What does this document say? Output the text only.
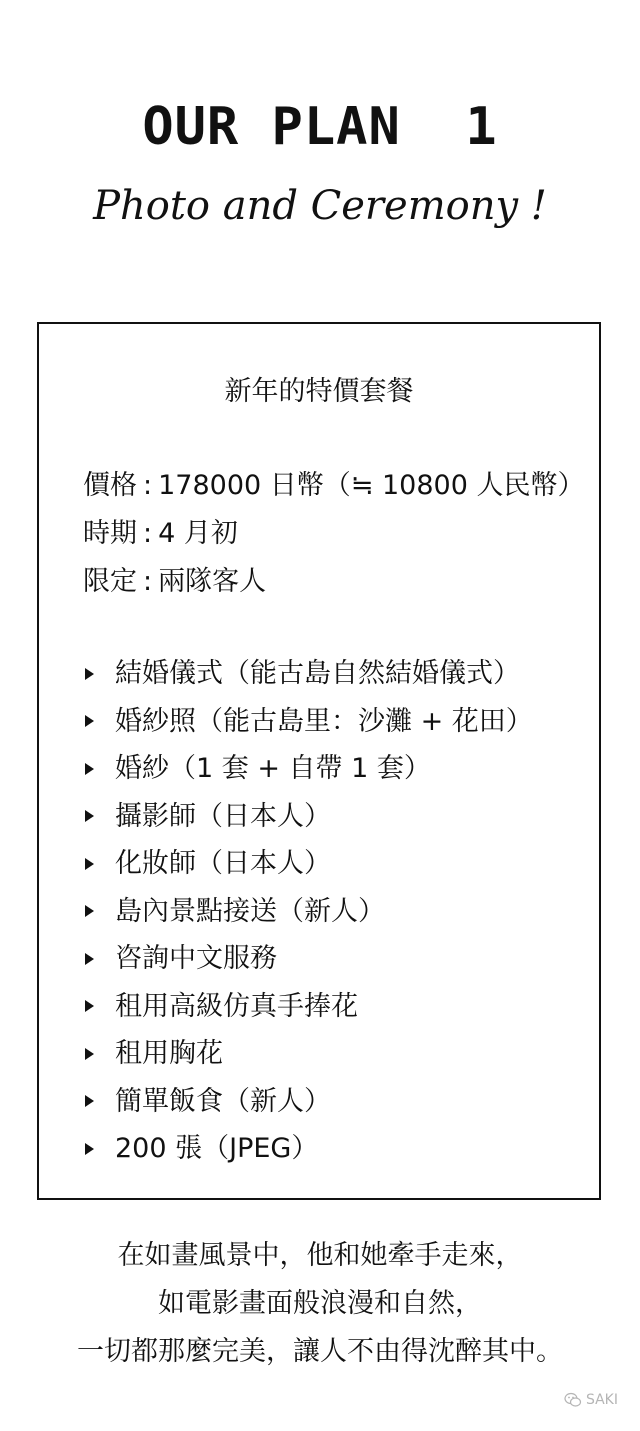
OUR PLAN  1
Photo and Ceremony !
新年的特價套餐
價格 : 178000 日幣（≒ 10800 人民幣）
時期 : 4 月初
限定 : 兩隊客人
結婚儀式（能古島自然結婚儀式）
婚紗照（能古島里：沙灘 + 花田）
婚紗（1 套 + 自帶 1 套）
攝影師（日本人）
化妝師（日本人）
島內景點接送（新人）
咨詢中文服務
租用高級仿真手捧花
租用胸花
簡單飯食（新人）
200 張（JPEG）
在如畫風景中，他和她牽手走來，
如電影畫面般浪漫和自然，
一切都那麼完美，讓人不由得沈醉其中。
SAKI
